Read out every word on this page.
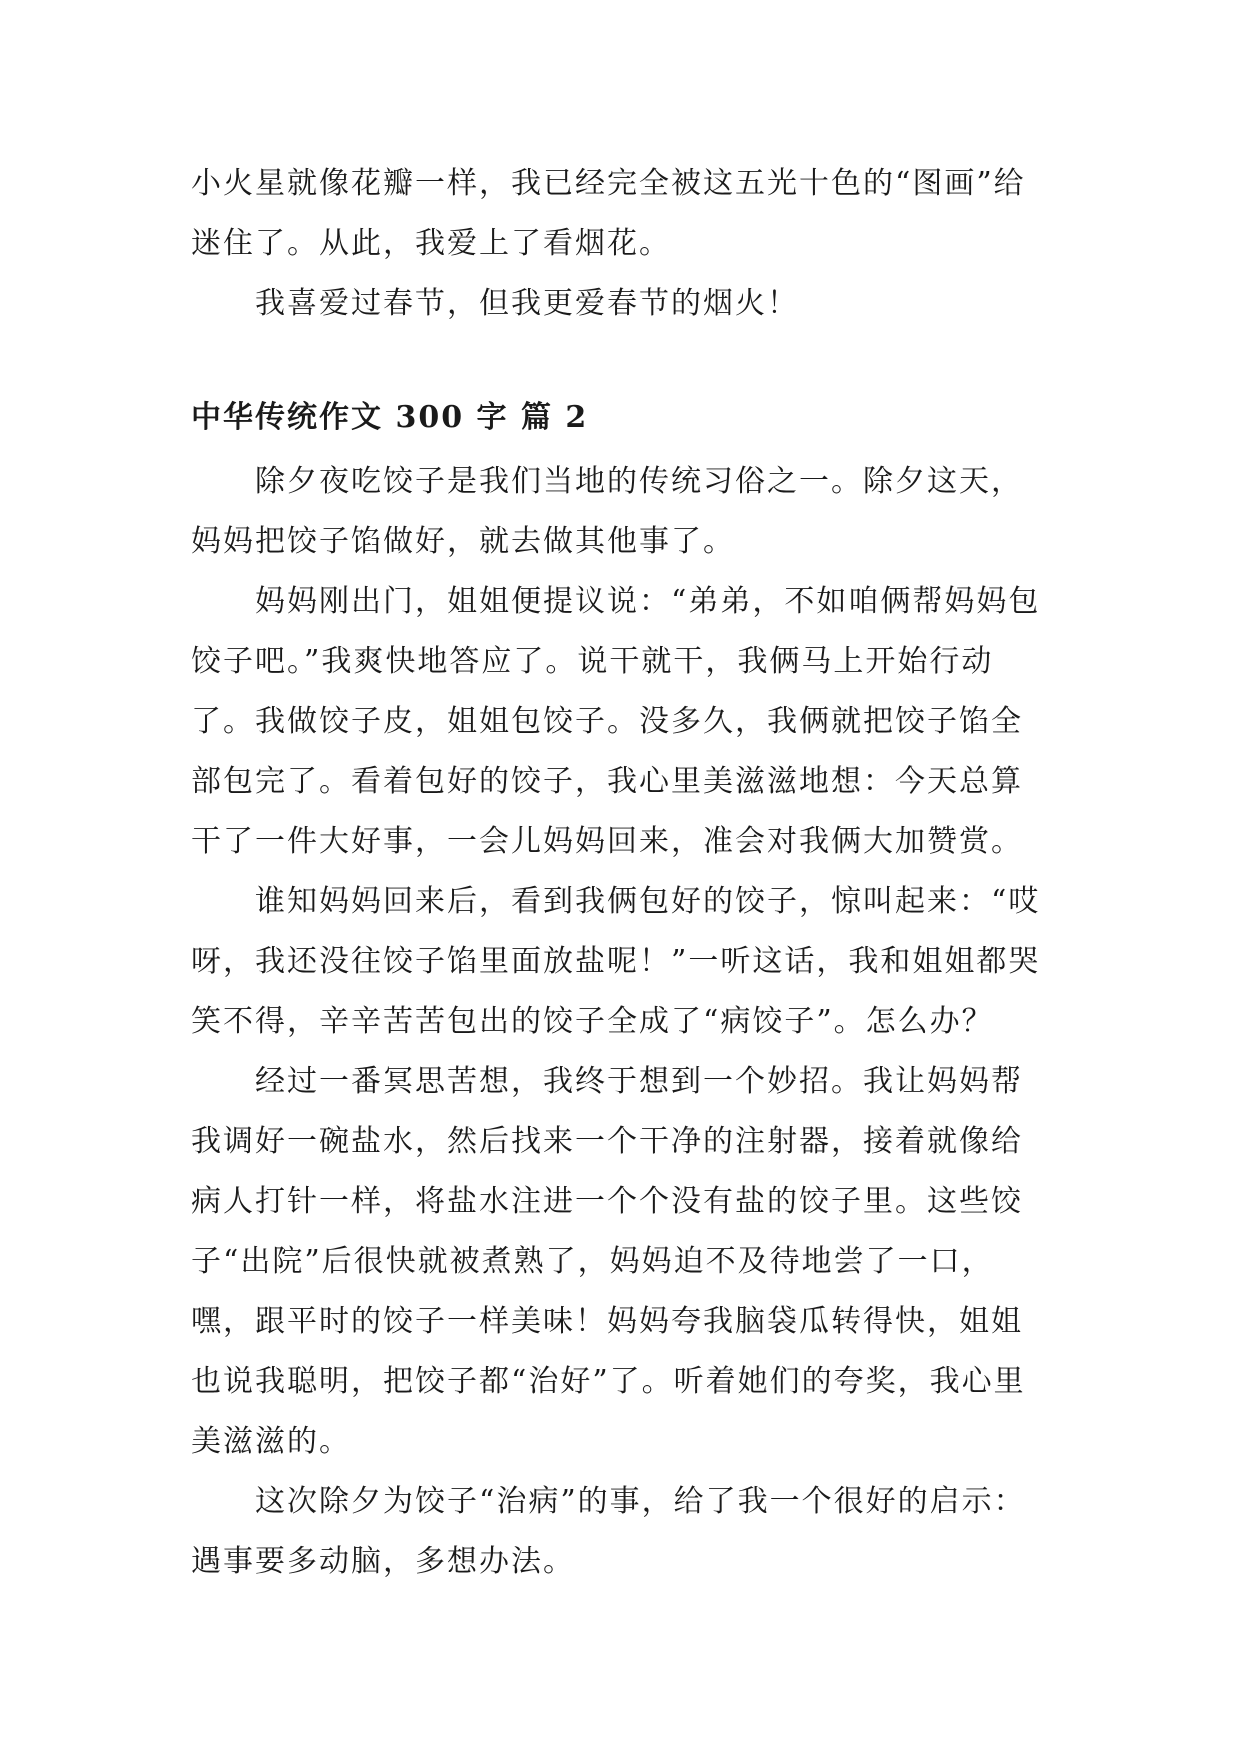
小火星就像花瓣一样，我已经完全被这五光十色的“图画”给迷住了。从此，我爱上了看烟花。

我喜爱过春节，但我更爱春节的烟火！

中华传统作文 300 字 篇 2

除夕夜吃饺子是我们当地的传统习俗之一。除夕这天，妈妈把饺子馅做好，就去做其他事了。

妈妈刚出门，姐姐便提议说：“弟弟，不如咱俩帮妈妈包饺子吧。”我爽快地答应了。说干就干，我俩马上开始行动了。我做饺子皮，姐姐包饺子。没多久，我俩就把饺子馅全部包完了。看着包好的饺子，我心里美滋滋地想：今天总算干了一件大好事，一会儿妈妈回来，准会对我俩大加赞赏。

谁知妈妈回来后，看到我俩包好的饺子，惊叫起来：“哎呀，我还没往饺子馅里面放盐呢！”一听这话，我和姐姐都哭笑不得，辛辛苦苦包出的饺子全成了“病饺子”。怎么办？

经过一番冥思苦想，我终于想到一个妙招。我让妈妈帮我调好一碗盐水，然后找来一个干净的注射器，接着就像给病人打针一样，将盐水注进一个个没有盐的饺子里。这些饺子“出院”后很快就被煮熟了，妈妈迫不及待地尝了一口，嘿，跟平时的饺子一样美味！妈妈夸我脑袋瓜转得快，姐姐也说我聪明，把饺子都“治好”了。听着她们的夸奖，我心里美滋滋的。

这次除夕为饺子“治病”的事，给了我一个很好的启示：遇事要多动脑，多想办法。
